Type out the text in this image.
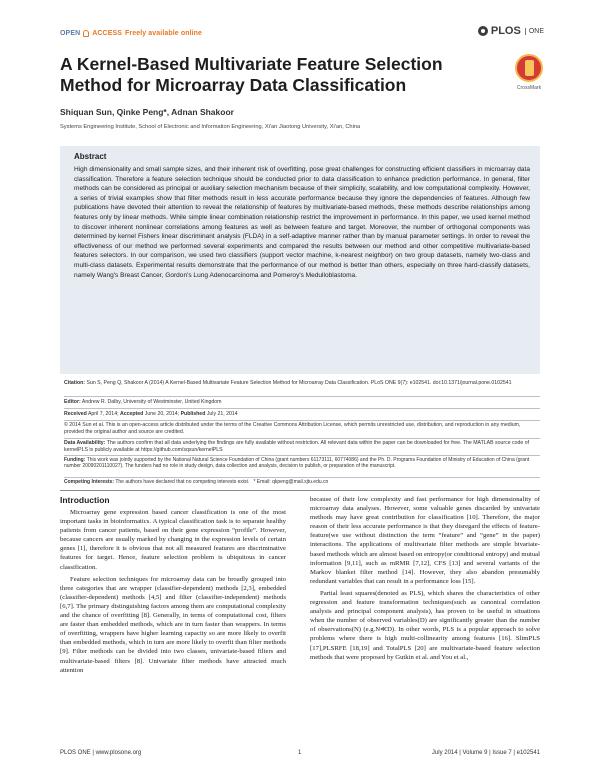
OPEN ACCESS Freely available online	PLOS	ONE
A Kernel-Based Multivariate Feature Selection Method for Microarray Data Classification	CrossMark
Shiquan Sun, Qinke Peng*, Adnan Shakoor
Systems Engineering Institute, School of Electronic and Information Engineering, Xi'an Jiaotong University, Xi'an, China
Abstract
High dimensionality and small sample sizes, and their inherent risk of overfitting, pose great challenges for constructing efficient classifiers in microarray data classification. Therefore a feature selection technique should be conducted prior to data classification to enhance prediction performance. In general, filter methods can be considered as principal or auxiliary selection mechanism because of their simplicity, scalability, and low computational complexity. However, a series of trivial examples show that filter methods result in less accurate performance because they ignore the dependencies of features. Although few publications have devoted their attention to reveal the relationship of features by multivariate-based methods, these methods describe relationships among features only by linear methods. While simple linear combination relationship restrict the improvement in performance. In this paper, we used kernel method to discover inherent nonlinear correlations among features as well as between feature and target. Moreover, the number of orthogonal components was determined by kernel Fishers linear discriminant analysis (FLDA) in a self-adaptive manner rather than by manual parameter settings. In order to reveal the effectiveness of our method we performed several experiments and compared the results between our method and other competitive multivariate-based features selectors. In our comparison, we used two classifiers (support vector machine, k-nearest neighbor) on two group datasets, namely two-class and multi-class datasets. Experimental results demonstrate that the performance of our method is better than others, especially on three hard-classify datasets, namely Wang's Breast Cancer, Gordon's Lung Adenocarcinoma and Pomeroy's Medulloblastoma.
Citation: Sun S, Peng Q, Shakoor A (2014) A Kernel-Based Multivariate Feature Selection Method for Microarray Data Classification. PLoS ONE 9(7): e102541. doi:10.1371/journal.pone.0102541
Editor: Andrew R. Dalby, University of Westminster, United Kingdom
Received April 7, 2014; Accepted June 20, 2014; Published July 21, 2014
© 2014 Sun et al. This is an open-access article distributed under the terms of the Creative Commons Attribution License, which permits unrestricted use, distribution, and reproduction in any medium, provided the original author and source are credited.
Data Availability: The authors confirm that all data underlying the findings are fully available without restriction. All relevant data within the paper can be downloaded for free. The MATLAB source code of kernelPLS is publicly available at https://github.com/sqsun/kernelPLS
Funding: This work was jointly supported by the National Natural Science Foundation of China (grant numbers 61173111, 60774086) and the Ph. D. Programs Foundation of Ministry of Education of China (grant number 20090201110027). The funders had no role in study design, data collection and analysis, decision to publish, or preparation of the manuscript.
Competing Interests: The authors have declared that no competing interests exist. * Email: qkpeng@mail.xjtu.edu.cn
Introduction

Microarray gene expression based cancer classification is one of the most important tasks in bioinformatics. A typical classification task is to separate healthy patients from cancer patients, based on their gene expression “profile”. However, because cancers are usually marked by changing in the expression levels of certain genes [1], therefore it is obvious that not all measured features are discriminative features for target. Hence, feature selection problem is ubiquitous in cancer classification.

Feature selection techniques for microarray data can be broadly grouped into three categories that are wrapper (classifier-dependent) methods [2,3], embedded (classifier-dependent) methods [4,5] and filter (classifier-independent) methods [6,7]. The primary distinguishing factors among them are computational complexity and the chance of overfitting [8]. Generally, in terms of computational cost, filters are faster than embedded methods, which are in turn faster than wrappers. In terms of overfitting, wrappers have higher learning capacity so are more likely to overfit than embedded methods, which in turn are more likely to overfit than filter methods [9]. Filter methods can be divided into two classes, univariate-based filters and multivariate-based filters [8]. Univariate filter methods have attracted much attention

because of their low complexity and fast performance for high dimensionality of microarray data analyses. However, some valuable genes discarded by univariate methods may have great contribution for classification [10]. Therefore, the major reason of their less accurate performance is that they disregard the effects of feature-feature(we use without distinction the term “feature” and “gene” in the paper) interactions. The applications of multivariate filter methods are simple bivariate-based methods which are almost based on entropy(or conditional entropy) and mutual information [9,11], such as mRMR [7,12], CFS [13] and several variants of the Markov blanket filter method [14]. However, they also abandon presumably redundant variables that can result in a performance loss [15].

Partial least squares(denoted as PLS), which shares the characteristics of other regression and feature transformation techniques(such as canonical correlation analysis and principal component analysis), has proven to be useful in situations when the number of observed variables(D) are significantly greater than the number of observations(N) (e.g.N≪D). In other words, PLS is a popular approach to solve problems where there is high multi-collinearity among features [16]. SlimPLS [17],PLSRFE [18,19] and TotalPLS [20] are multivariate-based feature selection methods that were proposed by Gutkin et al. and You et al.,

PLOS ONE | www.plosone.org	1	July 2014 | Volume 9 | Issue 7 | e102541
